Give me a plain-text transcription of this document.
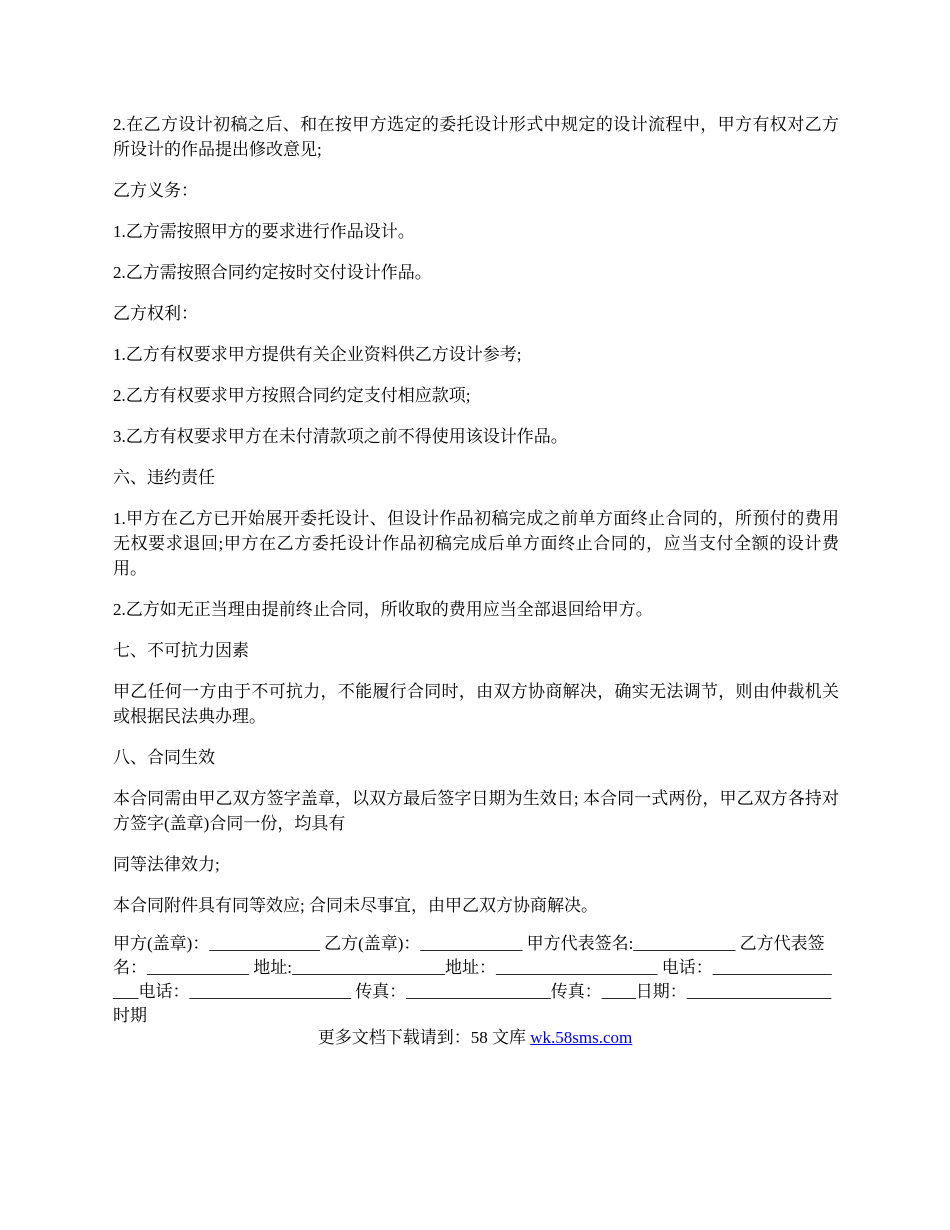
2.在乙方设计初稿之后、和在按甲方选定的委托设计形式中规定的设计流程中，甲方有权对乙方所设计的作品提出修改意见;

乙方义务：

1.乙方需按照甲方的要求进行作品设计。

2.乙方需按照合同约定按时交付设计作品。

乙方权利：

1.乙方有权要求甲方提供有关企业资料供乙方设计参考;

2.乙方有权要求甲方按照合同约定支付相应款项;

3.乙方有权要求甲方在未付清款项之前不得使用该设计作品。

六、违约责任

1.甲方在乙方已开始展开委托设计、但设计作品初稿完成之前单方面终止合同的，所预付的费用无权要求退回;甲方在乙方委托设计作品初稿完成后单方面终止合同的，应当支付全额的设计费用。

2.乙方如无正当理由提前终止合同，所收取的费用应当全部退回给甲方。

七、不可抗力因素

甲乙任何一方由于不可抗力，不能履行合同时，由双方协商解决，确实无法调节，则由仲裁机关或根据民法典办理。

八、合同生效

本合同需由甲乙双方签字盖章，以双方最后签字日期为生效日; 本合同一式两份，甲乙双方各持对方签字(盖章)合同一份，均具有

同等法律效力;

本合同附件具有同等效应; 合同未尽事宜，由甲乙双方协商解决。

甲方(盖章)：_____________ 乙方(盖章)：____________ 甲方代表签名:____________ 乙方代表签名：____________ 地址:__________________地址：___________________ 电话：_________________电话：___________________ 传真：_________________传真：____日期：_________________时期

更多文档下载请到：58 文库 wk.58sms.com
